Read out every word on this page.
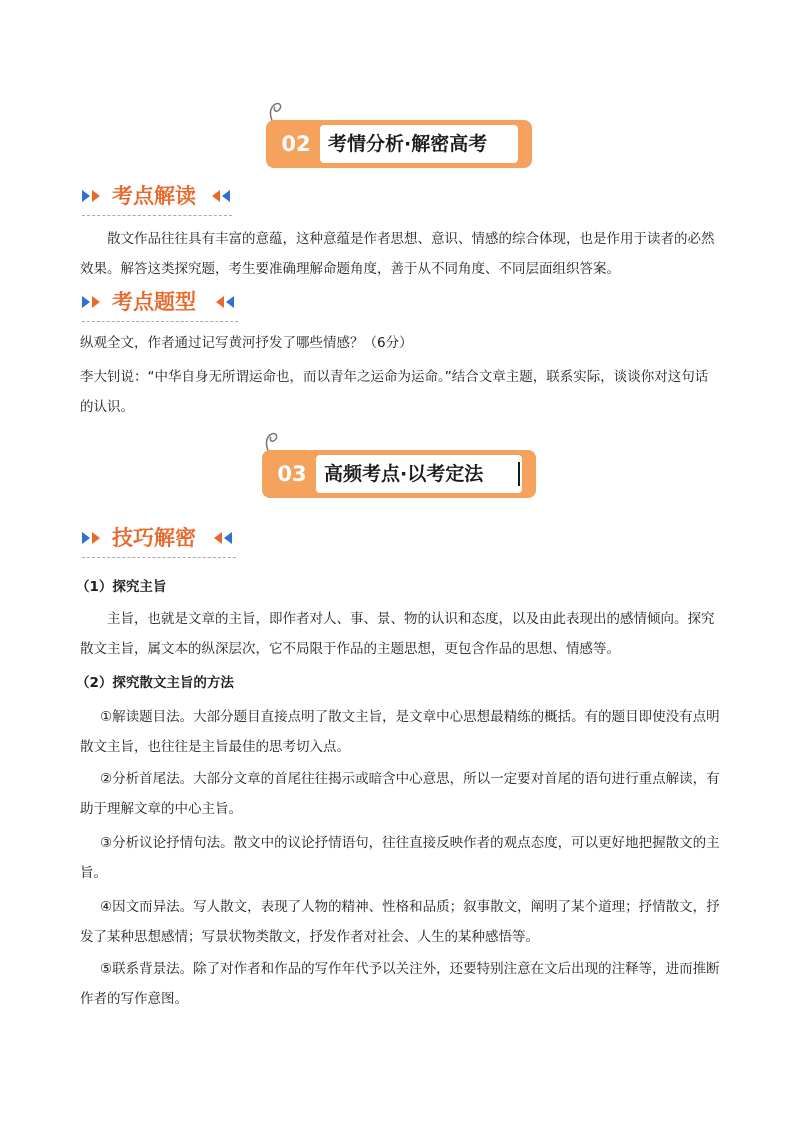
02 考情分析·解密高考
考点解读
散文作品往往具有丰富的意蕴，这种意蕴是作者思想、意识、情感的综合体现，也是作用于读者的必然效果。解答这类探究题，考生要准确理解命题角度，善于从不同角度、不同层面组织答案。
考点题型
纵观全文，作者通过记写黄河抒发了哪些情感？（6分）
李大钊说：“中华自身无所谓运命也，而以青年之运命为运命。”结合文章主题，联系实际，谈谈你对这句话的认识。
03 高频考点·以考定法
技巧解密
（1）探究主旨
主旨，也就是文章的主旨，即作者对人、事、景、物的认识和态度，以及由此表现出的感情倾向。探究散文主旨，属文本的纵深层次，它不局限于作品的主题思想，更包含作品的思想、情感等。
（2）探究散文主旨的方法
①解读题目法。大部分题目直接点明了散文主旨，是文章中心思想最精练的概括。有的题目即使没有点明散文主旨，也往往是主旨最佳的思考切入点。
②分析首尾法。大部分文章的首尾往往揭示或暗含中心意思，所以一定要对首尾的语句进行重点解读，有助于理解文章的中心主旨。
③分析议论抒情句法。散文中的议论抒情语句，往往直接反映作者的观点态度，可以更好地把握散文的主旨。
④因文而异法。写人散文，表现了人物的精神、性格和品质；叙事散文，阐明了某个道理；抒情散文，抒发了某种思想感情；写景状物类散文，抒发作者对社会、人生的某种感悟等。
⑤联系背景法。除了对作者和作品的写作年代予以关注外，还要特别注意在文后出现的注释等，进而推断作者的写作意图。
